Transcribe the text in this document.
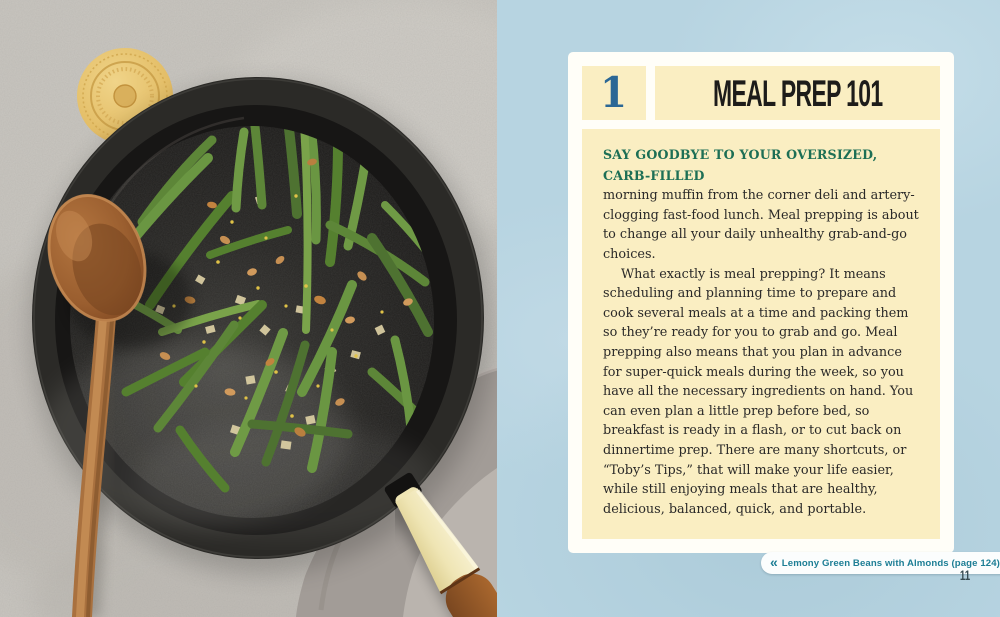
1 MEAL PREP 101

SAY GOODBYE TO YOUR OVERSIZED, CARB-FILLED
morning muffin from the corner deli and artery-clogging fast-food lunch. Meal prepping is about to change all your daily unhealthy grab-and-go choices.

What exactly is meal prepping? It means scheduling and planning time to prepare and cook several meals at a time and packing them so they’re ready for you to grab and go. Meal prepping also means that you plan in advance for super-quick meals during the week, so you have all the necessary ingredients on hand. You can even plan a little prep before bed, so breakfast is ready in a flash, or to cut back on dinnertime prep. There are many shortcuts, or “Toby’s Tips,” that will make your life easier, while still enjoying meals that are healthy, delicious, balanced, quick, and portable.

« Lemony Green Beans with Almonds (page 124)
11
